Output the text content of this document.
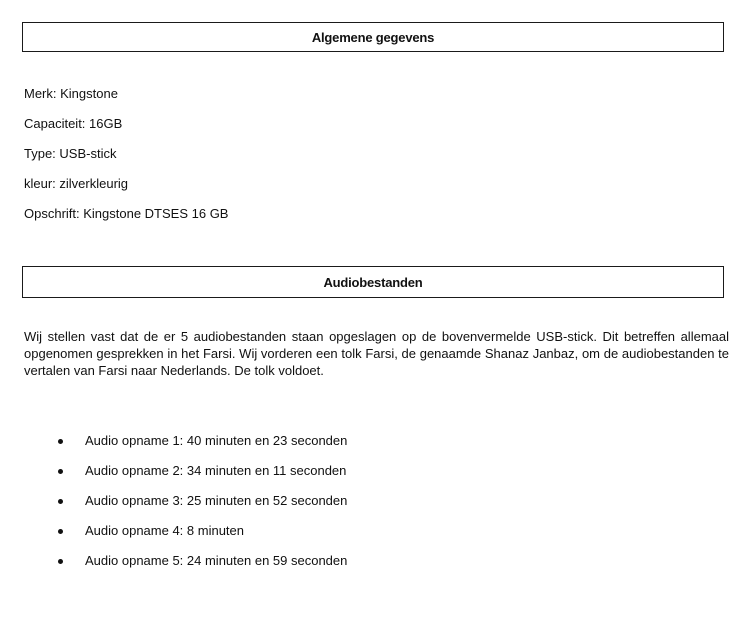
Algemene gegevens
Merk: Kingstone
Capaciteit: 16GB
Type: USB-stick
kleur: zilverkleurig
Opschrift: Kingstone DTSES 16 GB
Audiobestanden

Wij stellen vast dat de er 5 audiobestanden staan opgeslagen op de bovenvermelde USB-stick. Dit betreffen allemaal opgenomen gesprekken in het Farsi. Wij vorderen een tolk Farsi, de genaamde Shanaz Janbaz, om de audiobestanden te vertalen van Farsi naar Nederlands. De tolk voldoet.

Audio opname 1: 40 minuten en 23 seconden
Audio opname 2: 34 minuten en 11 seconden
Audio opname 3: 25 minuten en 52 seconden
Audio opname 4: 8 minuten
Audio opname 5: 24 minuten en 59 seconden
